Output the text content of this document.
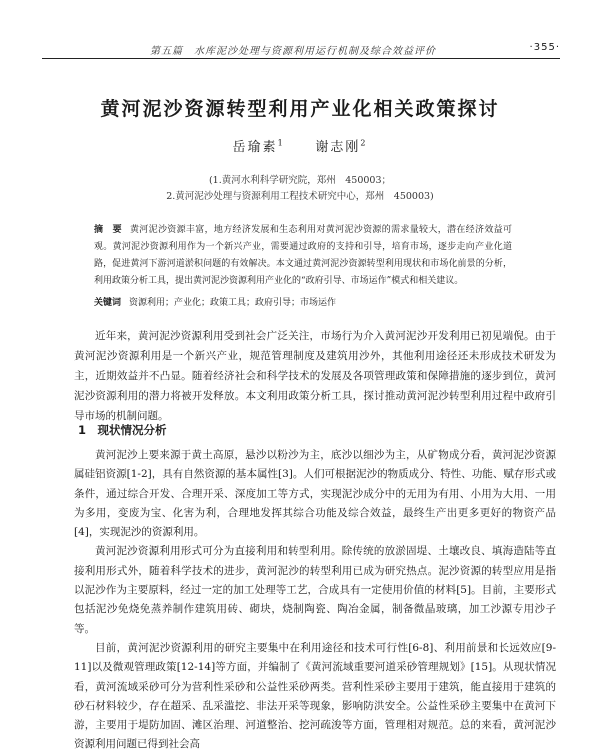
第五篇　水库泥沙处理与资源利用运行机制及综合效益评价	·355·
黄河泥沙资源转型利用产业化相关政策探讨
岳瑜素$^1$ 谢志刚$^2$
(1.黄河水利科学研究院，郑州　450003；
2.黄河泥沙处理与资源利用工程技术研究中心，郑州　450003)
摘　要 黄河泥沙资源丰富，地方经济发展和生态利用对黄河泥沙资源的需求量较大，潜在经济效益可观。黄河泥沙资源利用作为一个新兴产业，需要通过政府的支持和引导，培育市场，逐步走向产业化道路，促进黄河下游河道淤积问题的有效解决。本文通过黄河泥沙资源转型利用现状和市场化前景的分析，利用政策分析工具，提出黄河泥沙资源利用产业化的“政府引导、市场运作”模式和相关建议。
关键词 资源利用；产业化；政策工具；政府引导；市场运作
近年来，黄河泥沙资源利用受到社会广泛关注，市场行为介入黄河泥沙开发利用已初见端倪。由于黄河泥沙资源利用是一个新兴产业，规范管理制度及建筑用沙外，其他利用途径还未形成技术研发为主，近期效益并不凸显。随着经济社会和科学技术的发展及各项管理政策和保障措施的逐步到位，黄河泥沙资源利用的潜力将被开发释放。本文利用政策分析工具，探讨推动黄河泥沙转型利用过程中政府引导市场的机制问题。
1　现状情况分析

黄河泥沙上要来源于黄土高原，悬沙以粉沙为主，底沙以细沙为主，从矿物成分看，黄河泥沙资源属硅铝资源[1-2]，具有自然资源的基本属性[3]。人们可根据泥沙的物质成分、特性、功能、赋存形式或条件，通过综合开发、合理开采、深度加工等方式，实现泥沙成分中的无用为有用、小用为大用、一用为多用，变废为宝、化害为利，合理地发挥其综合功能及综合效益，最终生产出更多更好的物资产品[4]，实现泥沙的资源利用。

黄河泥沙资源利用形式可分为直接利用和转型利用。除传统的放淤固堤、土壤改良、填海造陆等直接利用形式外，随着科学技术的进步，黄河泥沙的转型利用已成为研究热点。泥沙资源的转型应用是指以泥沙作为主要原料，经过一定的加工处理等工艺，合成具有一定使用价值的材料[5]。目前，主要形式包括泥沙免烧免蒸养制作建筑用砖、砌块，烧制陶瓷、陶冶金属，制备微晶玻璃，加工沙源专用沙子等。

目前，黄河泥沙资源利用的研究主要集中在利用途径和技术可行性[6-8]、利用前景和长远效应[9-11]以及微观管理政策[12-14]等方面，并编制了《黄河流域重要河道采砂管理规划》[15]。从现状情况看，黄河流域采砂可分为营利性采砂和公益性采砂两类。营利性采砂主要用于建筑，能直接用于建筑的砂石材料较少，存在超采、乱采滥挖、非法开采等现象，影响防洪安全。公益性采砂主要集中在黄河下游，主要用于堤防加固、滩区治理、河道整治、挖河疏浚等方面，管理相对规范。总的来看，黄河泥沙资源利用问题已得到社会高
